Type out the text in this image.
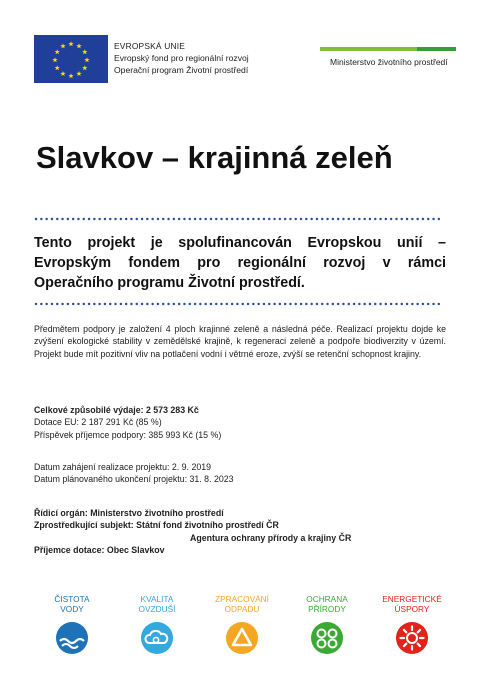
EVROPSKÁ UNIE
Evropský fond pro regionální rozvoj
Operační program Životní prostředí
Ministerstvo životního prostředí
Slavkov – krajinná zeleň
Tento projekt je spolufinancován Evropskou unií – Evropským fondem pro regionální rozvoj v rámci Operačního programu Životní prostředí.
Předmětem podpory je založení 4 ploch krajinné zeleně a následná péče. Realizací projektu dojde ke zvýšení ekologické stability v zemědělské krajině, k regeneraci zeleně a podpoře biodiverzity v území. Projekt bude mít pozitivní vliv na potlačení vodní i větrné eroze, zvýší se retenční schopnost krajiny.
Celkové způsobilé výdaje: 2 573 283 Kč
Dotace EU: 2 187 291 Kč (85 %)
Příspěvek příjemce podpory: 385 993 Kč (15 %)
Datum zahájení realizace projektu: 2. 9. 2019
Datum plánovaného ukončení projektu: 31. 8. 2023
Řídicí orgán: Ministerstvo životního prostředí
Zprostředkující subjekt: Státní fond životního prostředí ČR
Agentura ochrany přírody a krajiny ČR
Příjemce dotace: Obec Slavkov
ČISTOTA
VODY
KVALITA
OVZDUŠÍ
ZPRACOVÁNÍ
ODPADU
OCHRANA
PŘÍRODY
ENERGETICKÉ
ÚSPORY
